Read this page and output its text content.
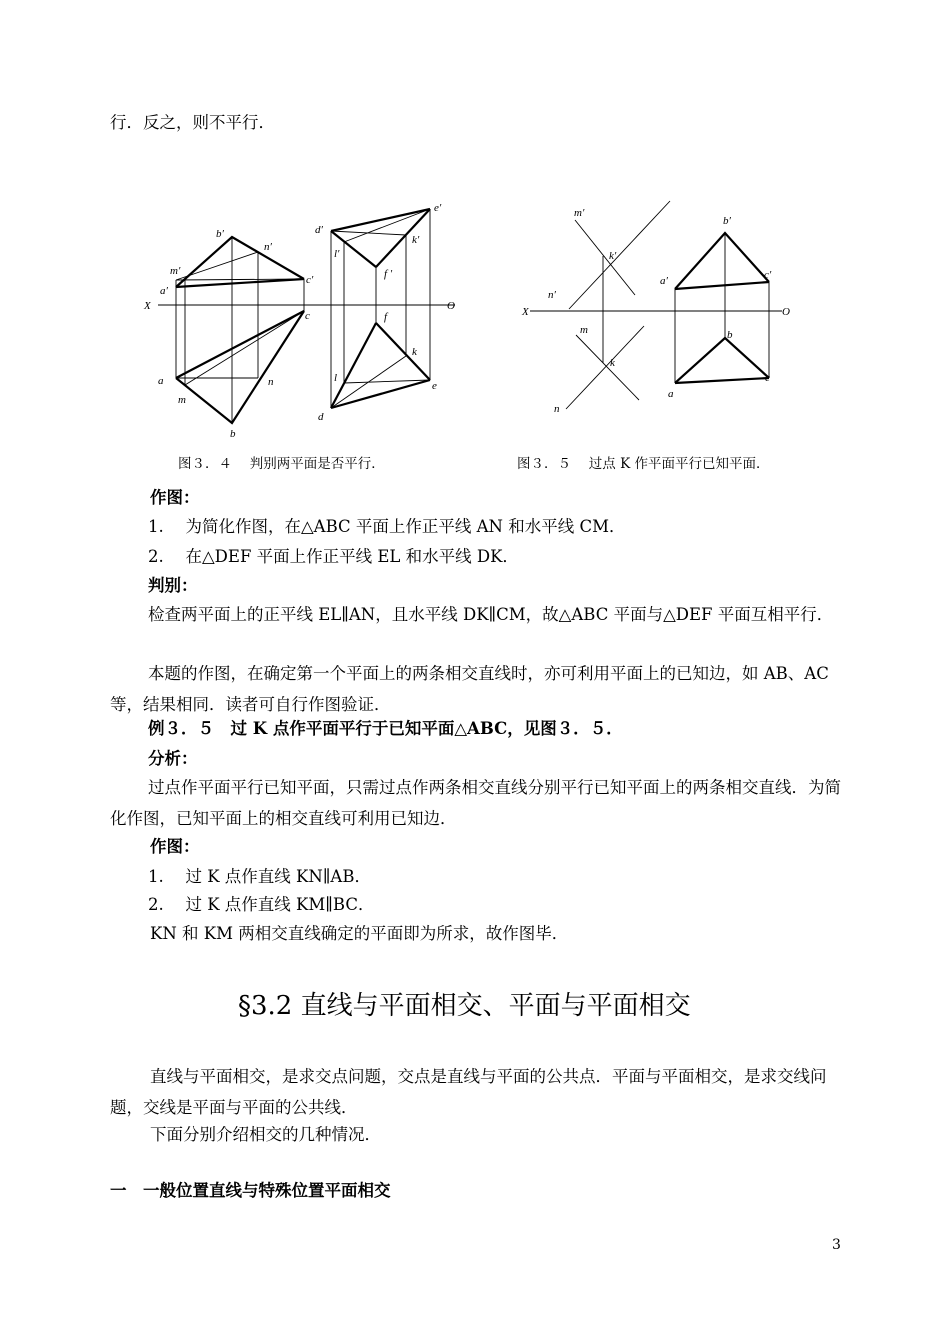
行．反之，则不平行．
b′
n′
m′
a′
c′
X
c
a
m
n
b
d′
e′
l′
k′
f ′
O
f
k
l
d
e
m′
k′
n′
X
m
k
n
b′
a′	c′
O
b
c
a
图３．４　 判别两平面是否平行．	图３．５　 过点 K 作平面平行已知平面．
作图：
1.　 为简化作图，在△ABC 平面上作正平线 AN 和水平线 CM．
2.　 在△DEF 平面上作正平线 EL 和水平线 DK．
判别：
检查两平面上的正平线 EL∥AN，且水平线 DK∥CM，故△ABC 平面与△DEF 平面互相平行．
本题的作图，在确定第一个平面上的两条相交直线时，亦可利用平面上的已知边，如 AB、AC 等，结果相同．读者可自行作图验证．
例３．５　过 K 点作平面平行于已知平面△ABC，见图３．５．
分析：
过点作平面平行已知平面，只需过点作两条相交直线分别平行已知平面上的两条相交直线．为简化作图，已知平面上的相交直线可利用已知边．
作图：
1.　 过 K 点作直线 KN∥AB．
2.　 过 K 点作直线 KM∥BC．
KN 和 KM 两相交直线确定的平面即为所求，故作图毕．
§3.2 直线与平面相交、平面与平面相交
直线与平面相交，是求交点问题，交点是直线与平面的公共点．平面与平面相交，是求交线问题，交线是平面与平面的公共线．
下面分别介绍相交的几种情况．
一　一般位置直线与特殊位置平面相交
3
